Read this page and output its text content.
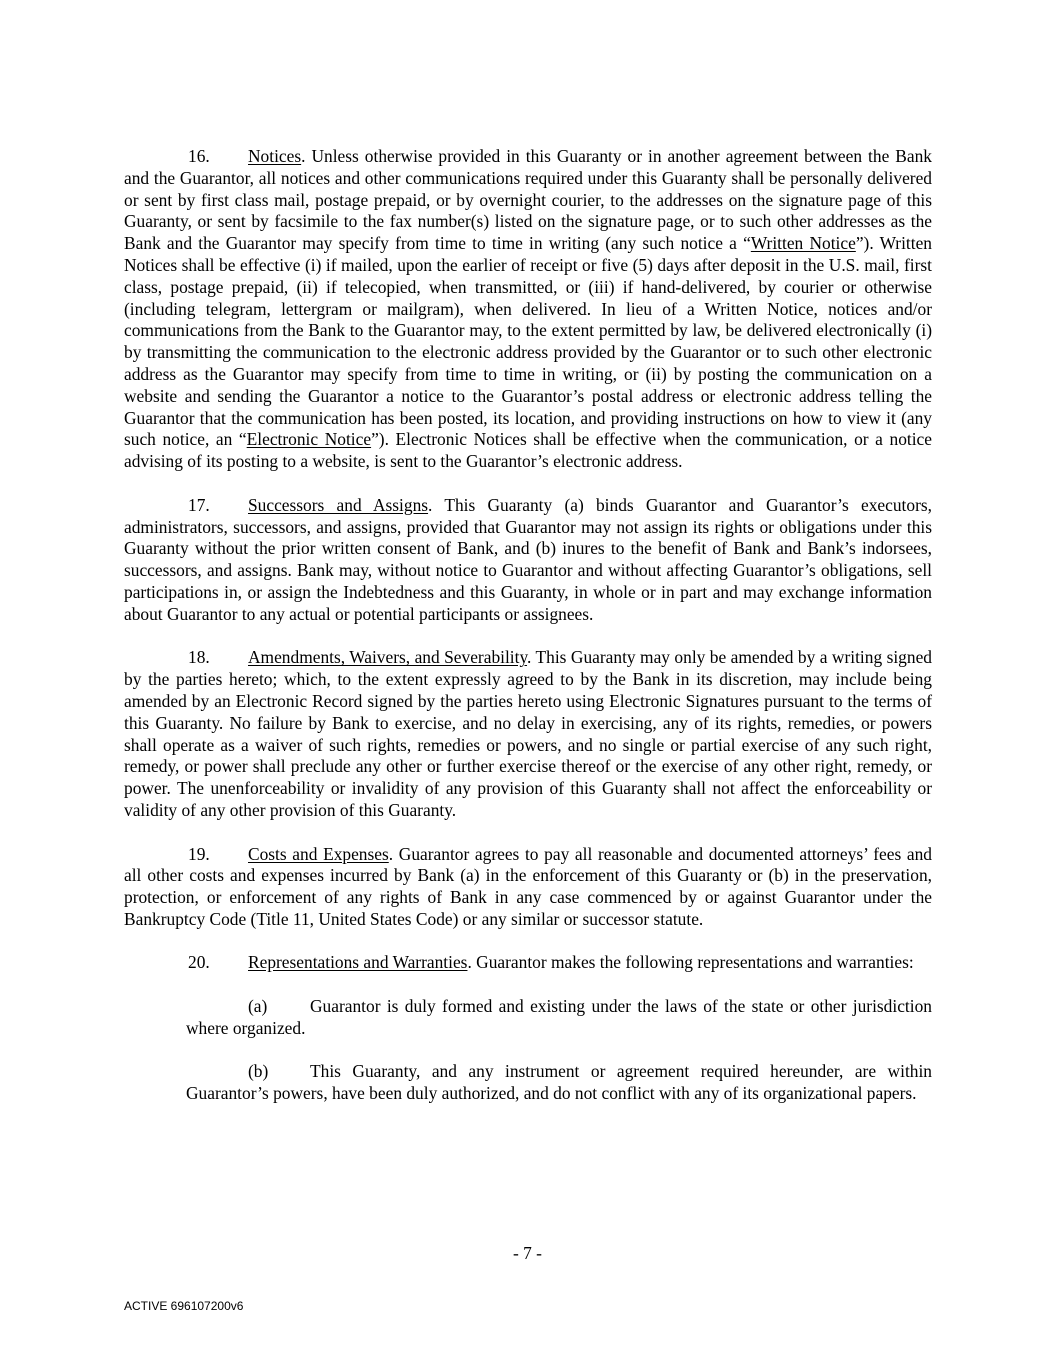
16. Notices. Unless otherwise provided in this Guaranty or in another agreement between the Bank and the Guarantor, all notices and other communications required under this Guaranty shall be personally delivered or sent by first class mail, postage prepaid, or by overnight courier, to the addresses on the signature page of this Guaranty, or sent by facsimile to the fax number(s) listed on the signature page, or to such other addresses as the Bank and the Guarantor may specify from time to time in writing (any such notice a “Written Notice”). Written Notices shall be effective (i) if mailed, upon the earlier of receipt or five (5) days after deposit in the U.S. mail, first class, postage prepaid, (ii) if telecopied, when transmitted, or (iii) if hand-delivered, by courier or otherwise (including telegram, lettergram or mailgram), when delivered. In lieu of a Written Notice, notices and/or communications from the Bank to the Guarantor may, to the extent permitted by law, be delivered electronically (i) by transmitting the communication to the electronic address provided by the Guarantor or to such other electronic address as the Guarantor may specify from time to time in writing, or (ii) by posting the communication on a website and sending the Guarantor a notice to the Guarantor’s postal address or electronic address telling the Guarantor that the communication has been posted, its location, and providing instructions on how to view it (any such notice, an “Electronic Notice”). Electronic Notices shall be effective when the communication, or a notice advising of its posting to a website, is sent to the Guarantor’s electronic address.

17. Successors and Assigns. This Guaranty (a) binds Guarantor and Guarantor’s executors, administrators, successors, and assigns, provided that Guarantor may not assign its rights or obligations under this Guaranty without the prior written consent of Bank, and (b) inures to the benefit of Bank and Bank’s indorsees, successors, and assigns. Bank may, without notice to Guarantor and without affecting Guarantor’s obligations, sell participations in, or assign the Indebtedness and this Guaranty, in whole or in part and may exchange information about Guarantor to any actual or potential participants or assignees.

18. Amendments, Waivers, and Severability. This Guaranty may only be amended by a writing signed by the parties hereto; which, to the extent expressly agreed to by the Bank in its discretion, may include being amended by an Electronic Record signed by the parties hereto using Electronic Signatures pursuant to the terms of this Guaranty. No failure by Bank to exercise, and no delay in exercising, any of its rights, remedies, or powers shall operate as a waiver of such rights, remedies or powers, and no single or partial exercise of any such right, remedy, or power shall preclude any other or further exercise thereof or the exercise of any other right, remedy, or power. The unenforceability or invalidity of any provision of this Guaranty shall not affect the enforceability or validity of any other provision of this Guaranty.

19. Costs and Expenses. Guarantor agrees to pay all reasonable and documented attorneys’ fees and all other costs and expenses incurred by Bank (a) in the enforcement of this Guaranty or (b) in the preservation, protection, or enforcement of any rights of Bank in any case commenced by or against Guarantor under the Bankruptcy Code (Title 11, United States Code) or any similar or successor statute.

20. Representations and Warranties. Guarantor makes the following representations and warranties:

(a) Guarantor is duly formed and existing under the laws of the state or other jurisdiction where organized.

(b) This Guaranty, and any instrument or agreement required hereunder, are within Guarantor’s powers, have been duly authorized, and do not conflict with any of its organizational papers.

- 7 -
ACTIVE 696107200v6
